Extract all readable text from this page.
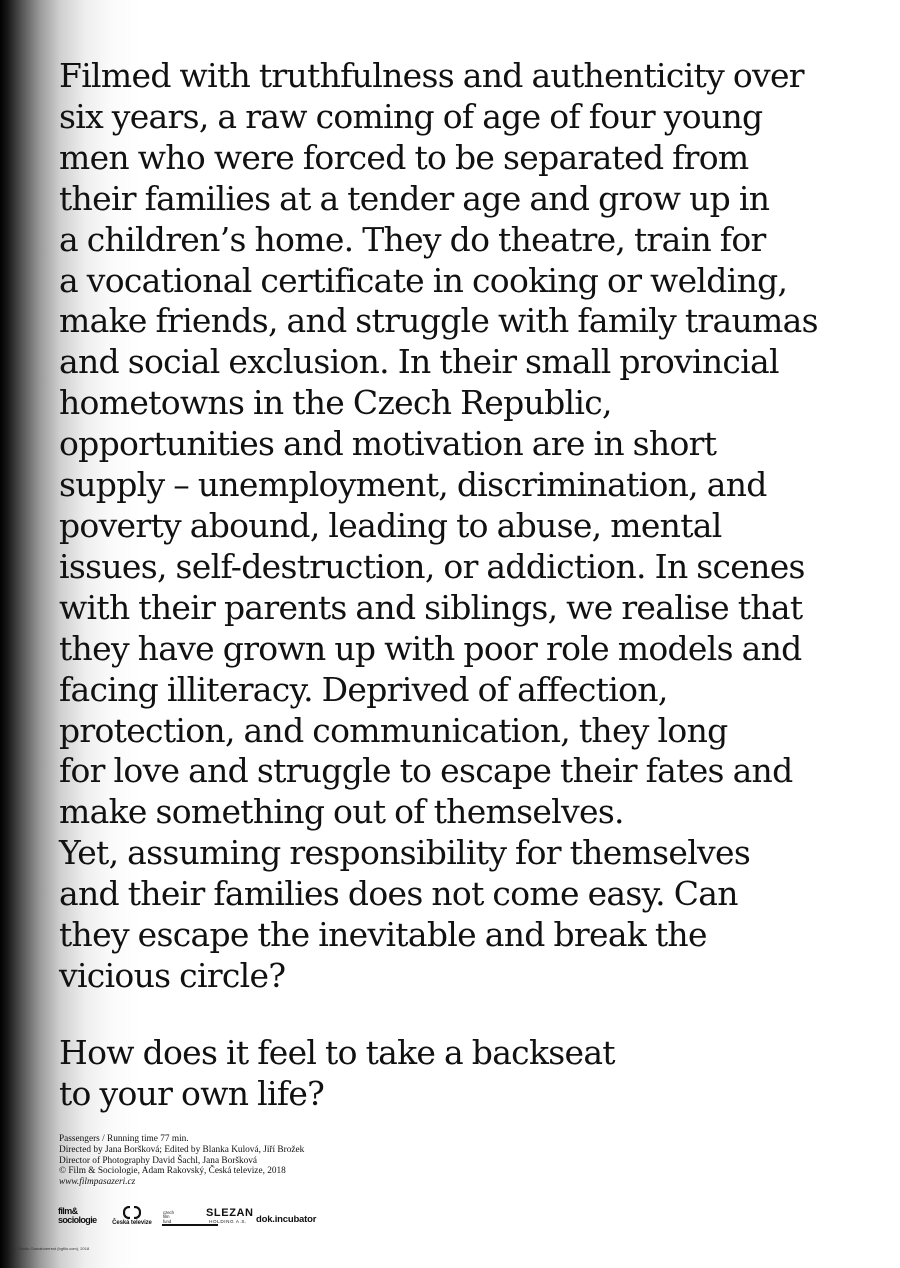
Filmed with truthfulness and authenticity over
six years, a raw coming of age of four young
men who were forced to be separated from
their families at a tender age and grow up in
a children’s home. They do theatre, train for
a vocational certificate in cooking or welding,
make friends, and struggle with family traumas
and social exclusion. In their small provincial
hometowns in the Czech Republic,
opportunities and motivation are in short
supply – unemployment, discrimination, and
poverty abound, leading to abuse, mental
issues, self-destruction, or addiction. In scenes
with their parents and siblings, we realise that
they have grown up with poor role models and
facing illiteracy. Deprived of affection,
protection, and communication, they long
for love and struggle to escape their fates and
make something out of themselves.
Yet, assuming responsibility for themselves
and their families does not come easy. Can
they escape the inevitable and break the
vicious circle?
How does it feel to take a backseat
to your own life?
Passengers / Running time 77 min.
Directed by Jana Boršková; Edited by Blanka Kulová, Jiří Brožek
Director of Photography David Šachl, Jana Boršková
© Film & Sociologie, Adam Rakovský, Česká televize, 2018
www.filmpasazeri.cz
film&
sociologie	Česká televize
czech
film
fund
SLEZAN
HOLDING A.S. dok.incubator
© Studio Gamaboerrest (bgfilo.com), 2018
